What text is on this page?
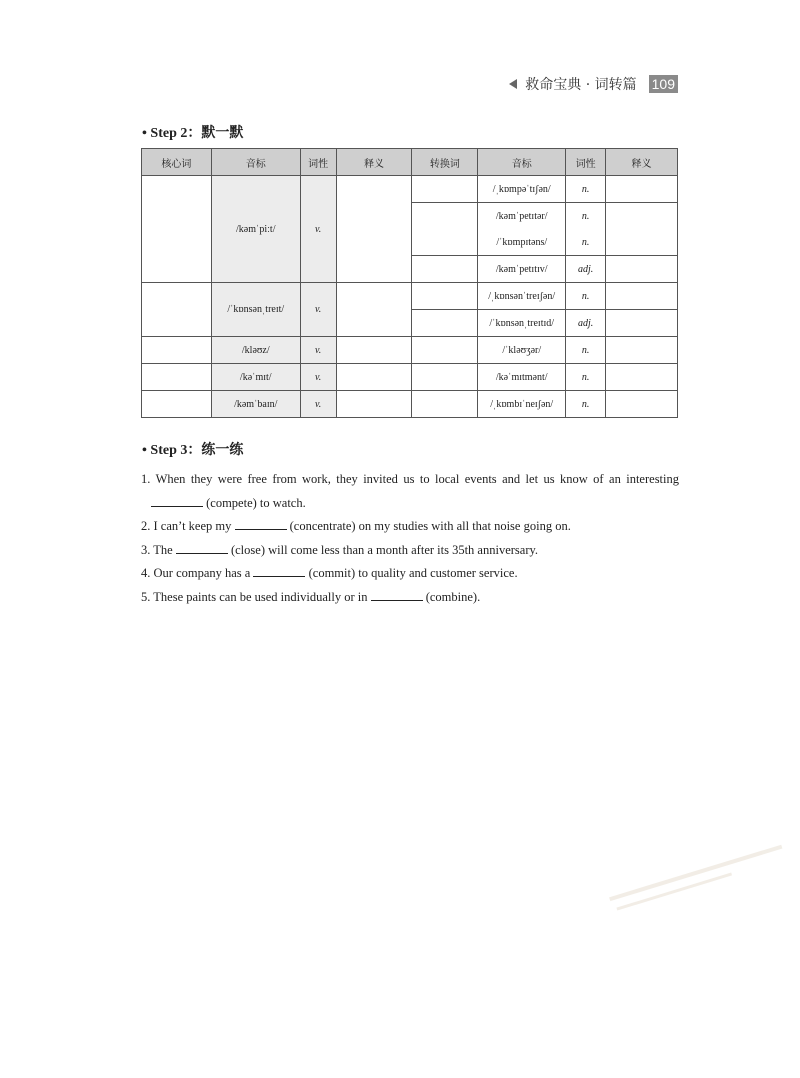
救命宝典 · 词转篇 109
• Step 2：默一默
核心词	音标	词性	释义	转换词	音标	词性	释义
	/kəmˈpiːt/	v.			/ˌkɒmpəˈtɪʃən/	n.	
					/kəmˈpetɪtər/	n.	
					/ˈkɒmpɪtəns/	n.	
					/kəmˈpetɪtɪv/	adj.	
	/ˈkɒnsənˌtreɪt/	v.			/ˌkɒnsənˈtreɪʃən/	n.	
					/ˈkɒnsənˌtreɪtɪd/	adj.	
	/kləʊz/	v.			/ˈkləʊʒər/	n.	
	/kəˈmɪt/	v.			/kəˈmɪtmənt/	n.	
	/kəmˈbaɪn/	v.			/ˌkɒmbɪˈneɪʃən/	n.	
• Step 3：练一练

1. When they were free from work, they invited us to local events and let us know of an interesting

(compete) to watch.

2. I can’t keep my	(concentrate) on my studies with all that noise going on.

3. The	(close) will come less than a month after its 35th anniversary.

4. Our company has a	(commit) to quality and customer service.

5. These paints can be used individually or in	(combine).
